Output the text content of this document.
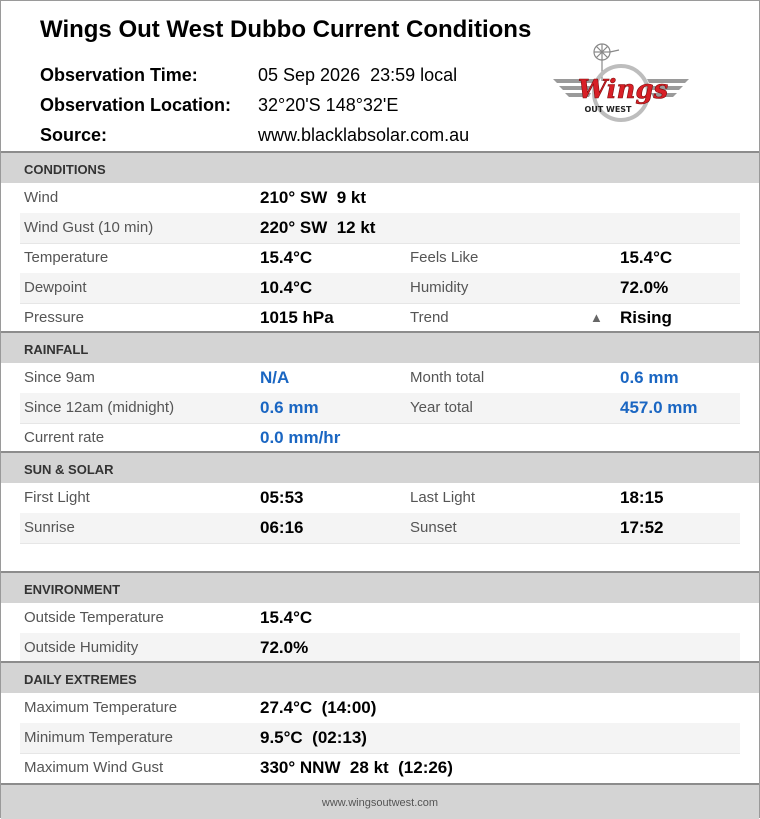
Wings Out West Dubbo Current Conditions
Observation Time:	05 Sep 2026  23:59 local
Observation Location:	32°20'S 148°32'E
Source:	www.blacklabsolar.com.au
Wings
OUT WEST
CONDITIONS
Wind	210° SW  9 kt
Wind Gust (10 min)	220° SW  12 kt
Temperature	15.4°C	Feels Like	15.4°C
Dewpoint	10.4°C	Humidity	72.0%
Pressure	1015 hPa	Trend	▲ Rising
RAINFALL
Since 9am	N/A	Month total	0.6 mm
Since 12am (midnight)	0.6 mm	Year total	457.0 mm
Current rate	0.0 mm/hr
SUN & SOLAR
First Light	05:53	Last Light	18:15
Sunrise	06:16	Sunset	17:52
ENVIRONMENT
Outside Temperature	15.4°C
Outside Humidity	72.0%
DAILY EXTREMES
Maximum Temperature	27.4°C  (14:00)
Minimum Temperature	9.5°C  (02:13)
Maximum Wind Gust	330° NNW  28 kt  (12:26)
www.wingsoutwest.com
